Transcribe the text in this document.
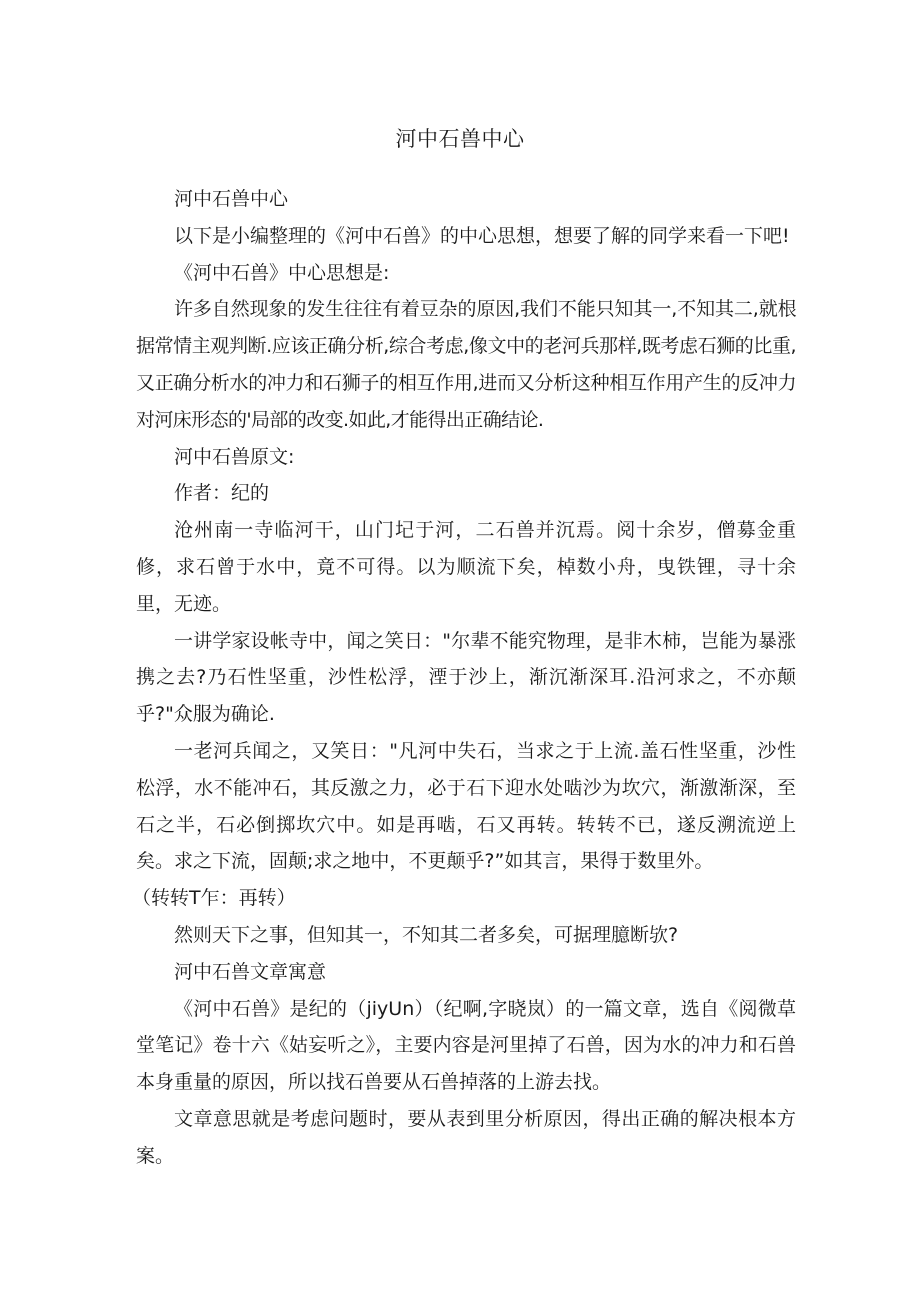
河中石兽中心

河中石兽中心

以下是小编整理的《河中石兽》的中心思想，想要了解的同学来看一下吧!

《河中石兽》中心思想是:

许多自然现象的发生往往有着豆杂的原因,我们不能只知其一,不知其二,就根据常情主观判断.应该正确分析,综合考虑,像文中的老河兵那样,既考虑石狮的比重,又正确分析水的冲力和石狮子的相互作用,进而又分析这种相互作用产生的反冲力对河床形态的'局部的改变.如此,才能得出正确结论.

河中石兽原文:

作者：纪的

沧州南一寺临河干，山门圮于河，二石兽并沉焉。阅十余岁，僧募金重修，求石曾于水中，竟不可得。以为顺流下矣，棹数小舟，曳铁锂，寻十余里，无迹。

一讲学家设帐寺中，闻之笑日："尔辈不能究物理，是非木柿，岂能为暴涨携之去?乃石性坚重，沙性松浮，湮于沙上，渐沉渐深耳.沿河求之，不亦颠乎?"众服为确论.

一老河兵闻之，又笑日："凡河中失石，当求之于上流.盖石性坚重，沙性松浮，水不能冲石，其反激之力，必于石下迎水处啮沙为坎穴，渐激渐深，至石之半，石必倒掷坎穴中。如是再啮，石又再转。转转不已，遂反溯流逆上矣。求之下流，固颠;求之地中，不更颠乎?”如其言，果得于数里外。

（转转T乍：再转）

然则天下之事，但知其一，不知其二者多矣，可据理臆断欤?

河中石兽文章寓意

《河中石兽》是纪的（jiyUn）（纪啊,字晓岚）的一篇文章，选自《阅微草堂笔记》卷十六《姑妄听之》，主要内容是河里掉了石兽，因为水的冲力和石兽本身重量的原因，所以找石兽要从石兽掉落的上游去找。

文章意思就是考虑问题时，要从表到里分析原因，得出正确的解决根本方案。
